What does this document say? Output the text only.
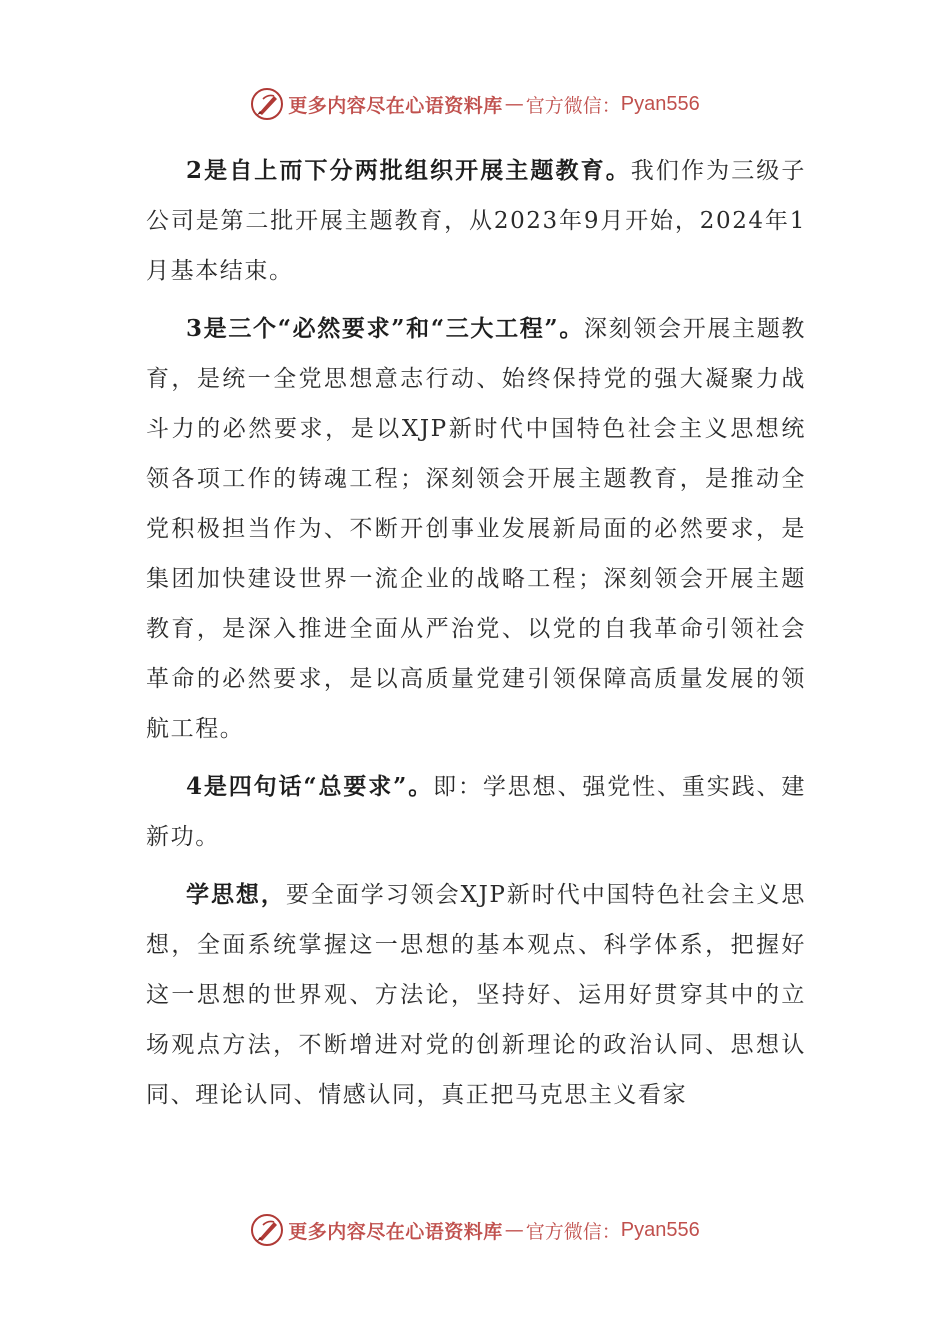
更多内容尽在心语资料库 — 官方微信： Pyan556

2是自上而下分两批组织开展主题教育。我们作为三级子公司是第二批开展主题教育，从2023年9月开始，2024年1月基本结束。

3是三个“必然要求”和“三大工程”。深刻领会开展主题教育，是统一全党思想意志行动、始终保持党的强大凝聚力战斗力的必然要求，是以XJP新时代中国特色社会主义思想统领各项工作的铸魂工程；深刻领会开展主题教育，是推动全党积极担当作为、不断开创事业发展新局面的必然要求，是集团加快建设世界一流企业的战略工程；深刻领会开展主题教育，是深入推进全面从严治党、以党的自我革命引领社会革命的必然要求，是以高质量党建引领保障高质量发展的领航工程。

4是四句话“总要求”。即：学思想、强党性、重实践、建新功。

学思想，要全面学习领会XJP新时代中国特色社会主义思想，全面系统掌握这一思想的基本观点、科学体系，把握好这一思想的世界观、方法论，坚持好、运用好贯穿其中的立场观点方法，不断增进对党的创新理论的政治认同、思想认同、理论认同、情感认同，真正把马克思主义看家

更多内容尽在心语资料库 — 官方微信： Pyan556
